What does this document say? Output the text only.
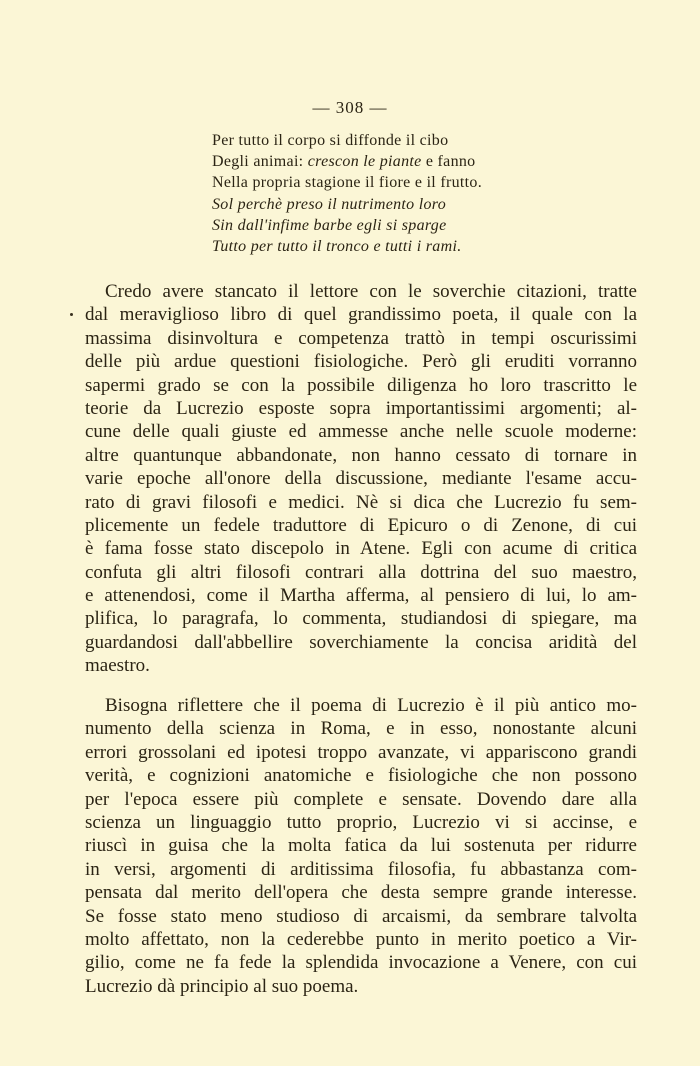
— 308 —
Per tutto il corpo si diffonde il cibo
Degli animai: crescon le piante e fanno
Nella propria stagione il fiore e il frutto.
Sol perchè preso il nutrimento loro
Sin dall'infime barbe egli si sparge
Tutto per tutto il tronco e tutti i rami.
Credo avere stancato il lettore con le soverchie citazioni, tratte
dal meraviglioso libro di quel grandissimo poeta, il quale con la
massima disinvoltura e competenza trattò in tempi oscurissimi
delle più ardue questioni fisiologiche. Però gli eruditi vorranno
sapermi grado se con la possibile diligenza ho loro trascritto le
teorie da Lucrezio esposte sopra importantissimi argomenti; al-
cune delle quali giuste ed ammesse anche nelle scuole moderne:
altre quantunque abbandonate, non hanno cessato di tornare in
varie epoche all'onore della discussione, mediante l'esame accu-
rato di gravi filosofi e medici. Nè si dica che Lucrezio fu sem-
plicemente un fedele traduttore di Epicuro o di Zenone, di cui
è fama fosse stato discepolo in Atene. Egli con acume di critica
confuta gli altri filosofi contrari alla dottrina del suo maestro,
e attenendosi, come il Martha afferma, al pensiero di lui, lo am-
plifica, lo paragrafa, lo commenta, studiandosi di spiegare, ma
guardandosi dall'abbellire soverchiamente la concisa aridità del
maestro.
Bisogna riflettere che il poema di Lucrezio è il più antico mo-
numento della scienza in Roma, e in esso, nonostante alcuni
errori grossolani ed ipotesi troppo avanzate, vi appariscono grandi
verità, e cognizioni anatomiche e fisiologiche che non possono
per l'epoca essere più complete e sensate. Dovendo dare alla
scienza un linguaggio tutto proprio, Lucrezio vi si accinse, e
riuscì in guisa che la molta fatica da lui sostenuta per ridurre
in versi, argomenti di arditissima filosofia, fu abbastanza com-
pensata dal merito dell'opera che desta sempre grande interesse.
Se fosse stato meno studioso di arcaismi, da sembrare talvolta
molto affettato, non la cederebbe punto in merito poetico a Vir-
gilio, come ne fa fede la splendida invocazione a Venere, con cui
Lucrezio dà principio al suo poema.
